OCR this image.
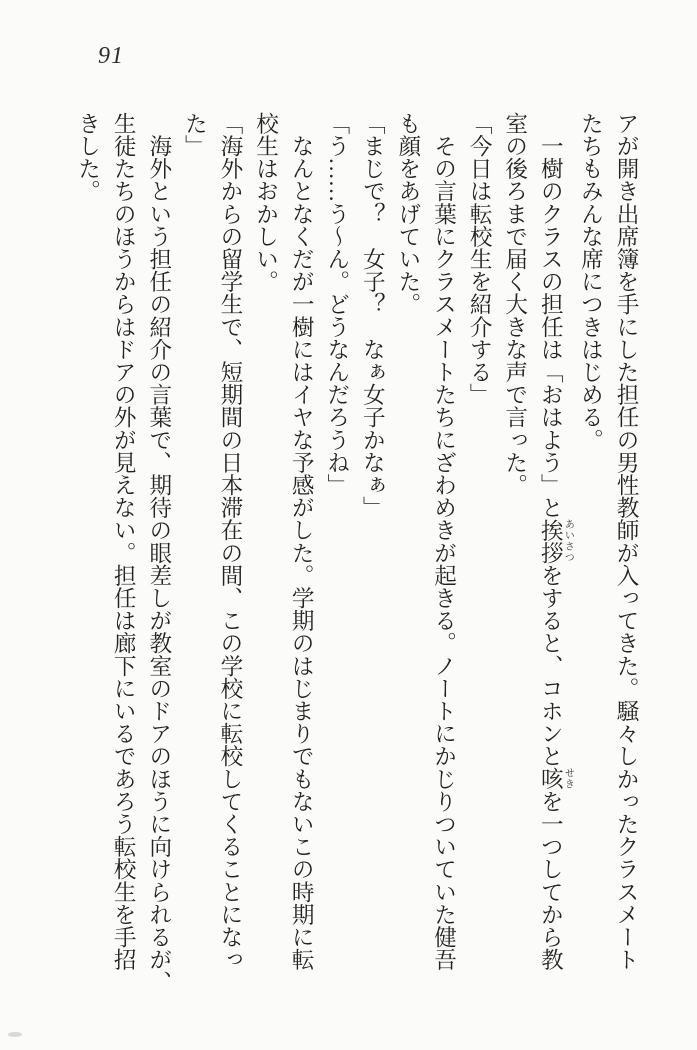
91

アが開き出席簿を手にした担任の男性教師が入ってきた。騒々しかったクラスメート

たちもみんな席につきはじめる。

　一樹のクラスの担任は「おはよう」と挨拶 あいさつをすると、コホンと咳 せきを一つしてから教

室の後ろまで届く大きな声で言った。

「今日は転校生を紹介する」

　その言葉にクラスメートたちにざわめきが起きる。ノートにかじりついていた健吾

も顔をあげていた。

「まじで？　女子？　なぁ女子かなぁ」

「う……う〜ん。どうなんだろうね」

　なんとなくだが一樹にはイヤな予感がした。学期のはじまりでもないこの時期に転

校生はおかしい。

「海外からの留学生で、短期間の日本滞在の間、この学校に転校してくることになっ

た」

　海外という担任の紹介の言葉で、期待の眼差しが教室のドアのほうに向けられるが、

生徒たちのほうからはドアの外が見えない。担任は廊下にいるであろう転校生を手招

きした。
